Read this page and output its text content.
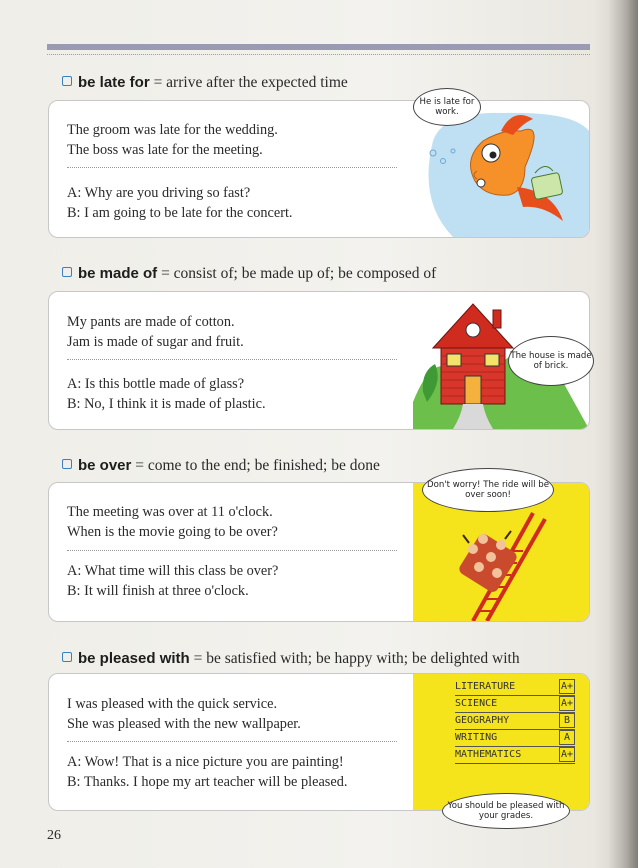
be late for = arrive after the expected time
The groom was late for the wedding.
The boss was late for the meeting.
A: Why are you driving so fast?
B: I am going to be late for the concert.
He is late for work.
be made of = consist of; be made up of; be composed of
My pants are made of cotton.
Jam is made of sugar and fruit.
A: Is this bottle made of glass?
B: No, I think it is made of plastic.
The house is made of brick.
be over = come to the end; be finished; be done
The meeting was over at 11 o'clock.
When is the movie going to be over?
A: What time will this class be over?
B: It will finish at three o'clock.
Don't worry! The ride will be over soon!
be pleased with = be satisfied with; be happy with; be delighted with
I was pleased with the quick service.
She was pleased with the new wallpaper.
A: Wow! That is a nice picture you are painting!
B: Thanks. I hope my art teacher will be pleased.
LITERATURE	A+
SCIENCE	A+
GEOGRAPHY	B
WRITING	A
MATHEMATICS	A+
You should be pleased with your grades.
26
